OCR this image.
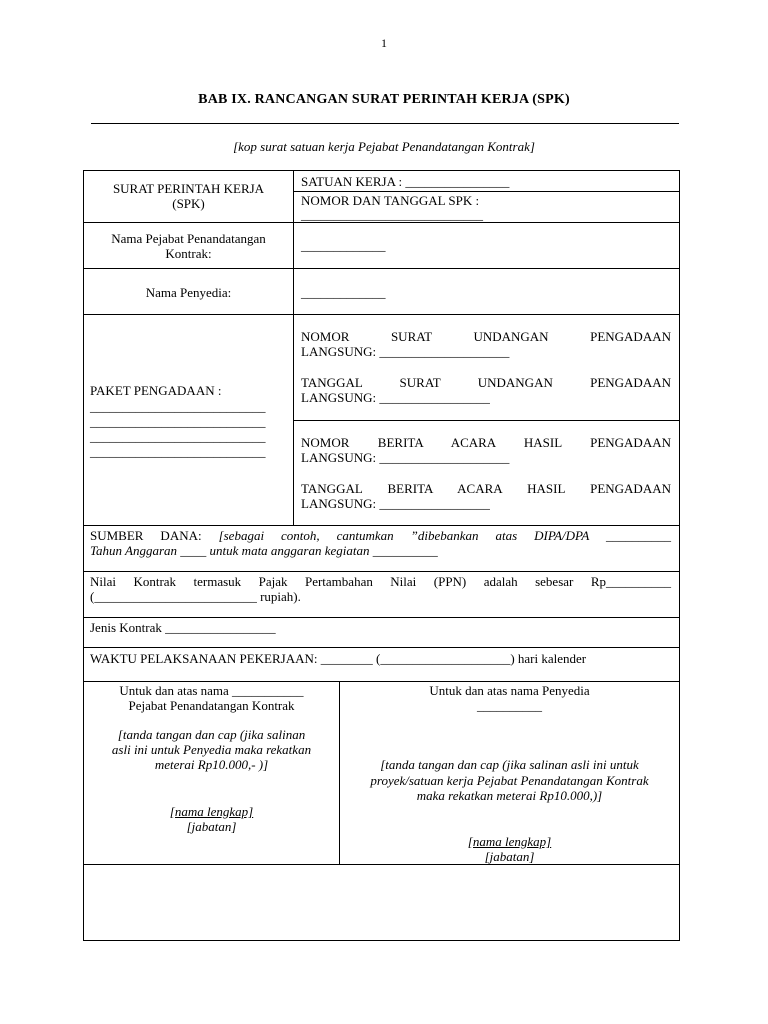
1
BAB IX. RANCANGAN SURAT PERINTAH KERJA (SPK)
[kop surat satuan kerja Pejabat Penandatangan Kontrak]
SURAT PERINTAH KERJA
(SPK)
SATUAN KERJA : ________________
NOMOR DAN TANGGAL SPK :
____________________________
Nama Pejabat Penandatangan
Kontrak:
_____________
Nama Penyedia:	_____________
PAKET PENGADAAN :
___________________________
___________________________
___________________________
___________________________
NOMOR SURAT UNDANGAN PENGADAAN
LANGSUNG: ____________________
TANGGAL SURAT UNDANGAN PENGADAAN
LANGSUNG: _________________
NOMOR BERITA ACARA HASIL PENGADAAN
LANGSUNG: ____________________
TANGGAL BERITA ACARA HASIL PENGADAAN
LANGSUNG: _________________
SUMBER DANA: [sebagai contoh, cantumkan ”dibebankan atas DIPA/DPA __________
Tahun Anggaran ____ untuk mata anggaran kegiatan __________
Nilai Kontrak termasuk Pajak Pertambahan Nilai (PPN) adalah sebesar Rp__________
(_________________________ rupiah).
Jenis Kontrak _________________
WAKTU PELAKSANAAN PEKERJAAN: ________ (____________________) hari kalender
Untuk dan atas nama ___________
Pejabat Penandatangan Kontrak
[tanda tangan dan cap (jika salinan
asli ini untuk Penyedia maka rekatkan
meterai Rp10.000,- )]
[nama lengkap]
[jabatan]
Untuk dan atas nama Penyedia
__________
[tanda tangan dan cap (jika salinan asli ini untuk
proyek/satuan kerja Pejabat Penandatangan Kontrak
maka rekatkan meterai Rp10.000,)]
[nama lengkap]
[jabatan]
